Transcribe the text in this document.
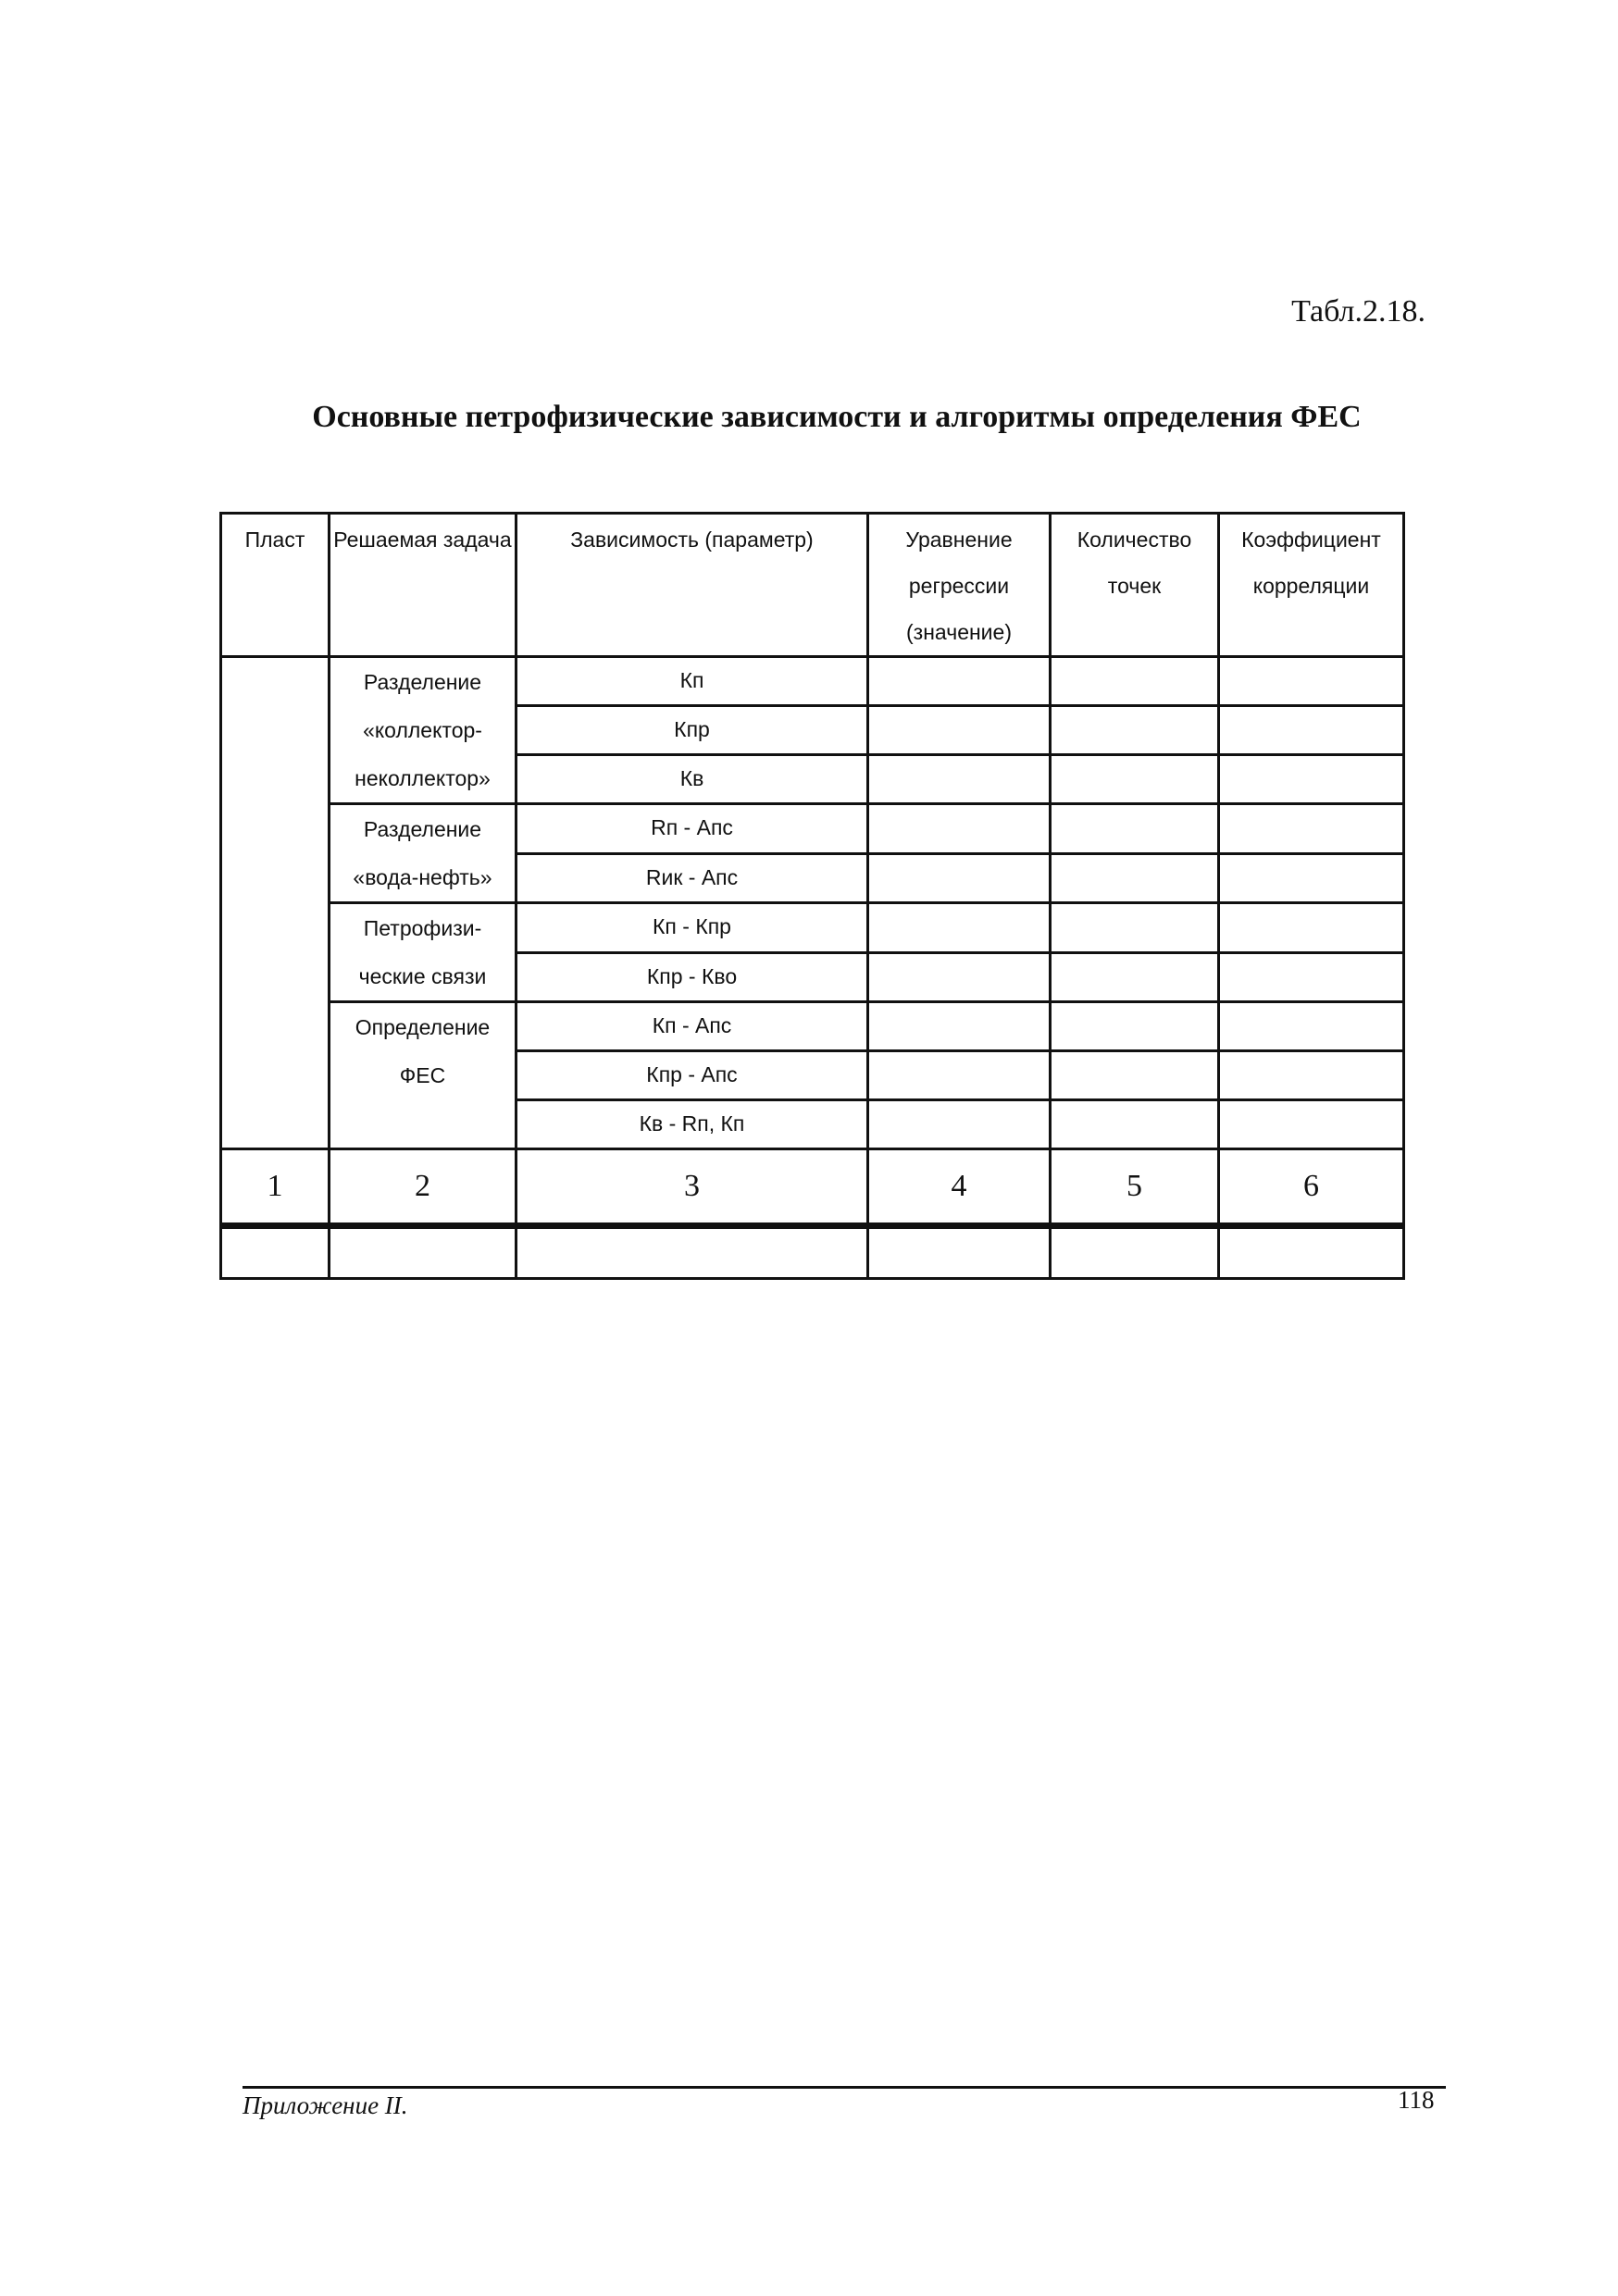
Табл.2.18.
Основные петрофизические зависимости и алгоритмы определения ФЕС
Пласт	Решаемая задача	Зависимость (параметр)	Уравнение регрессии (значение)	Количество точек	Коэффициент корреляции
	Разделение «коллектор-неколлектор»	Кп			
		Кпр			
		Кв			
	Разделение «вода-нефть»	Rп - Апс			
		Rик - Апс			
	Петрофизи-ческие связи	Кп - Кпр			
		Кпр - Кво			
	Определение ФЕС	Кп - Апс			
		Кпр - Апс			
		Кв - Rп, Кп			
1	2	3	4	5	6

Приложение II.	118
